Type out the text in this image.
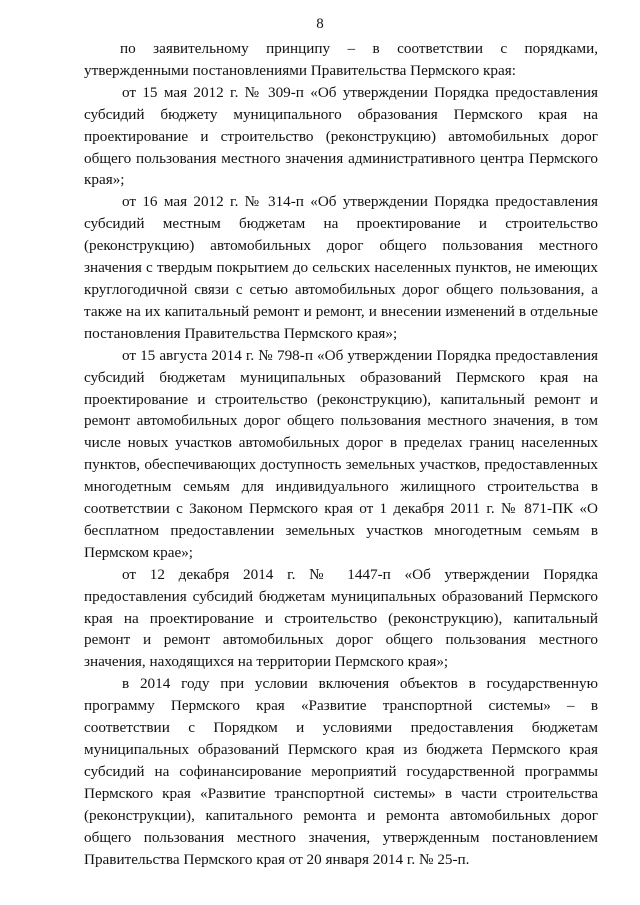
8

по заявительному принципу – в соответствии с порядками, утвержденными постановлениями Правительства Пермского края:

от 15 мая 2012 г. № 309-п «Об утверждении Порядка предоставления субсидий бюджету муниципального образования Пермского края на проектирование и строительство (реконструкцию) автомобильных дорог общего пользования местного значения административного центра Пермского края»;

от 16 мая 2012 г. № 314-п «Об утверждении Порядка предоставления субсидий местным бюджетам на проектирование и строительство (реконструкцию) автомобильных дорог общего пользования местного значения с твердым покрытием до сельских населенных пунктов, не имеющих круглогодичной связи с сетью автомобильных дорог общего пользования, а также на их капитальный ремонт и ремонт, и внесении изменений в отдельные постановления Правительства Пермского края»;

от 15 августа 2014 г. № 798-п «Об утверждении Порядка предоставления субсидий бюджетам муниципальных образований Пермского края на проектирование и строительство (реконструкцию), капитальный ремонт и ремонт автомобильных дорог общего пользования местного значения, в том числе новых участков автомобильных дорог в пределах границ населенных пунктов, обеспечивающих доступность земельных участков, предоставленных многодетным семьям для индивидуального жилищного строительства в соответствии с Законом Пермского края от 1 декабря 2011 г. № 871-ПК «О бесплатном предоставлении земельных участков многодетным семьям в Пермском крае»;

от 12 декабря 2014 г. № 1447-п «Об утверждении Порядка предоставления субсидий бюджетам муниципальных образований Пермского края на проектирование и строительство (реконструкцию), капитальный ремонт и ремонт автомобильных дорог общего пользования местного значения, находящихся на территории Пермского края»;

в 2014 году при условии включения объектов в государственную программу Пермского края «Развитие транспортной системы» – в соответствии с Порядком и условиями предоставления бюджетам муниципальных образований Пермского края из бюджета Пермского края субсидий на софинансирование мероприятий государственной программы Пермского края «Развитие транспортной системы» в части строительства (реконструкции), капитального ремонта и ремонта автомобильных дорог общего пользования местного значения, утвержденным постановлением Правительства Пермского края от 20 января 2014 г. № 25-п.
